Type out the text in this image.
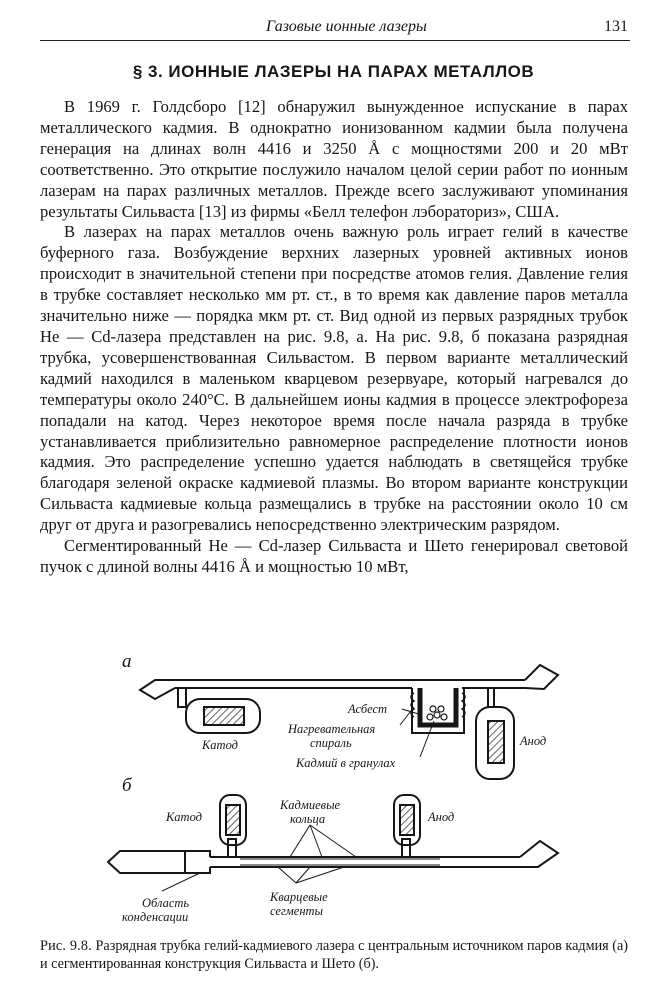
Газовые ионные лазеры	131
§ 3. ИОННЫЕ ЛАЗЕРЫ НА ПАРАХ МЕТАЛЛОВ

В 1969 г. Голдсборо [12] обнаружил вынужденное испускание в парах металлического кадмия. В однократно ионизованном кадмии была получена генерация на длинах волн 4416 и 3250 Å с мощностями 200 и 20 мВт соответственно. Это открытие послужило началом целой серии работ по ионным лазерам на парах различных металлов. Прежде всего заслуживают упоминания результаты Сильваста [13] из фирмы «Белл телефон лэбораториз», США.

В лазерах на парах металлов очень важную роль играет гелий в качестве буферного газа. Возбуждение верхних лазерных уровней активных ионов происходит в значительной степени при посредстве атомов гелия. Давление гелия в трубке составляет несколько мм рт. ст., в то время как давление паров металла значительно ниже — порядка мкм рт. ст. Вид одной из первых разрядных трубок He — Cd-лазера представлен на рис. 9.8, а. На рис. 9.8, б показана разрядная трубка, усовершенствованная Сильвастом. В первом варианте металлический кадмий находился в маленьком кварцевом резервуаре, который нагревался до температуры около 240°C. В дальнейшем ионы кадмия в процессе электрофореза попадали на катод. Через некоторое время после начала разряда в трубке устанавливается приблизительно равномерное распределение плотности ионов кадмия. Это распределение успешно удается наблюдать в светящейся трубке благодаря зеленой окраске кадмиевой плазмы. Во втором варианте конструкции Сильваста кадмиевые кольца размещались в трубке на расстоянии около 10 см друг от друга и разогревались непосредственно электрическим разрядом.

Сегментированный He — Cd-лазер Сильваста и Шето генерировал световой пучок с длиной волны 4416 Å и мощностью 10 мВт,

а
Асбест
Нагревательная
спираль
Кадмий в гранулах
Катод	Анод
б
Катод	Анод
Кадмиевые
кольца
Область
конденсации
Кварцевые
сегменты
Рис. 9.8. Разрядная трубка гелий-кадмиевого лазера с центральным источником паров кадмия (а) и сегментированная конструкция Сильваста и Шето (б).
